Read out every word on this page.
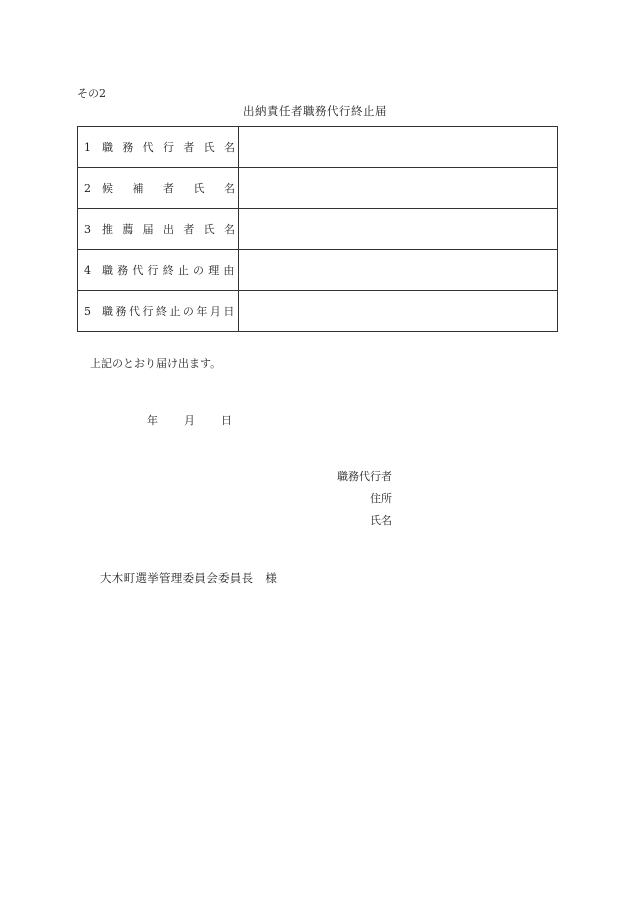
その2
出納責任者職務代行終止届
1 職務代行者氏名	
2 候補者氏名	
3 推薦届出者氏名	
4 職務代行終止の理由	
5 職務代行終止の年月日	
上記のとおり届け出ます。
年 月 日
職務代行者
住所
氏名
大木町選挙管理委員会委員長 様
